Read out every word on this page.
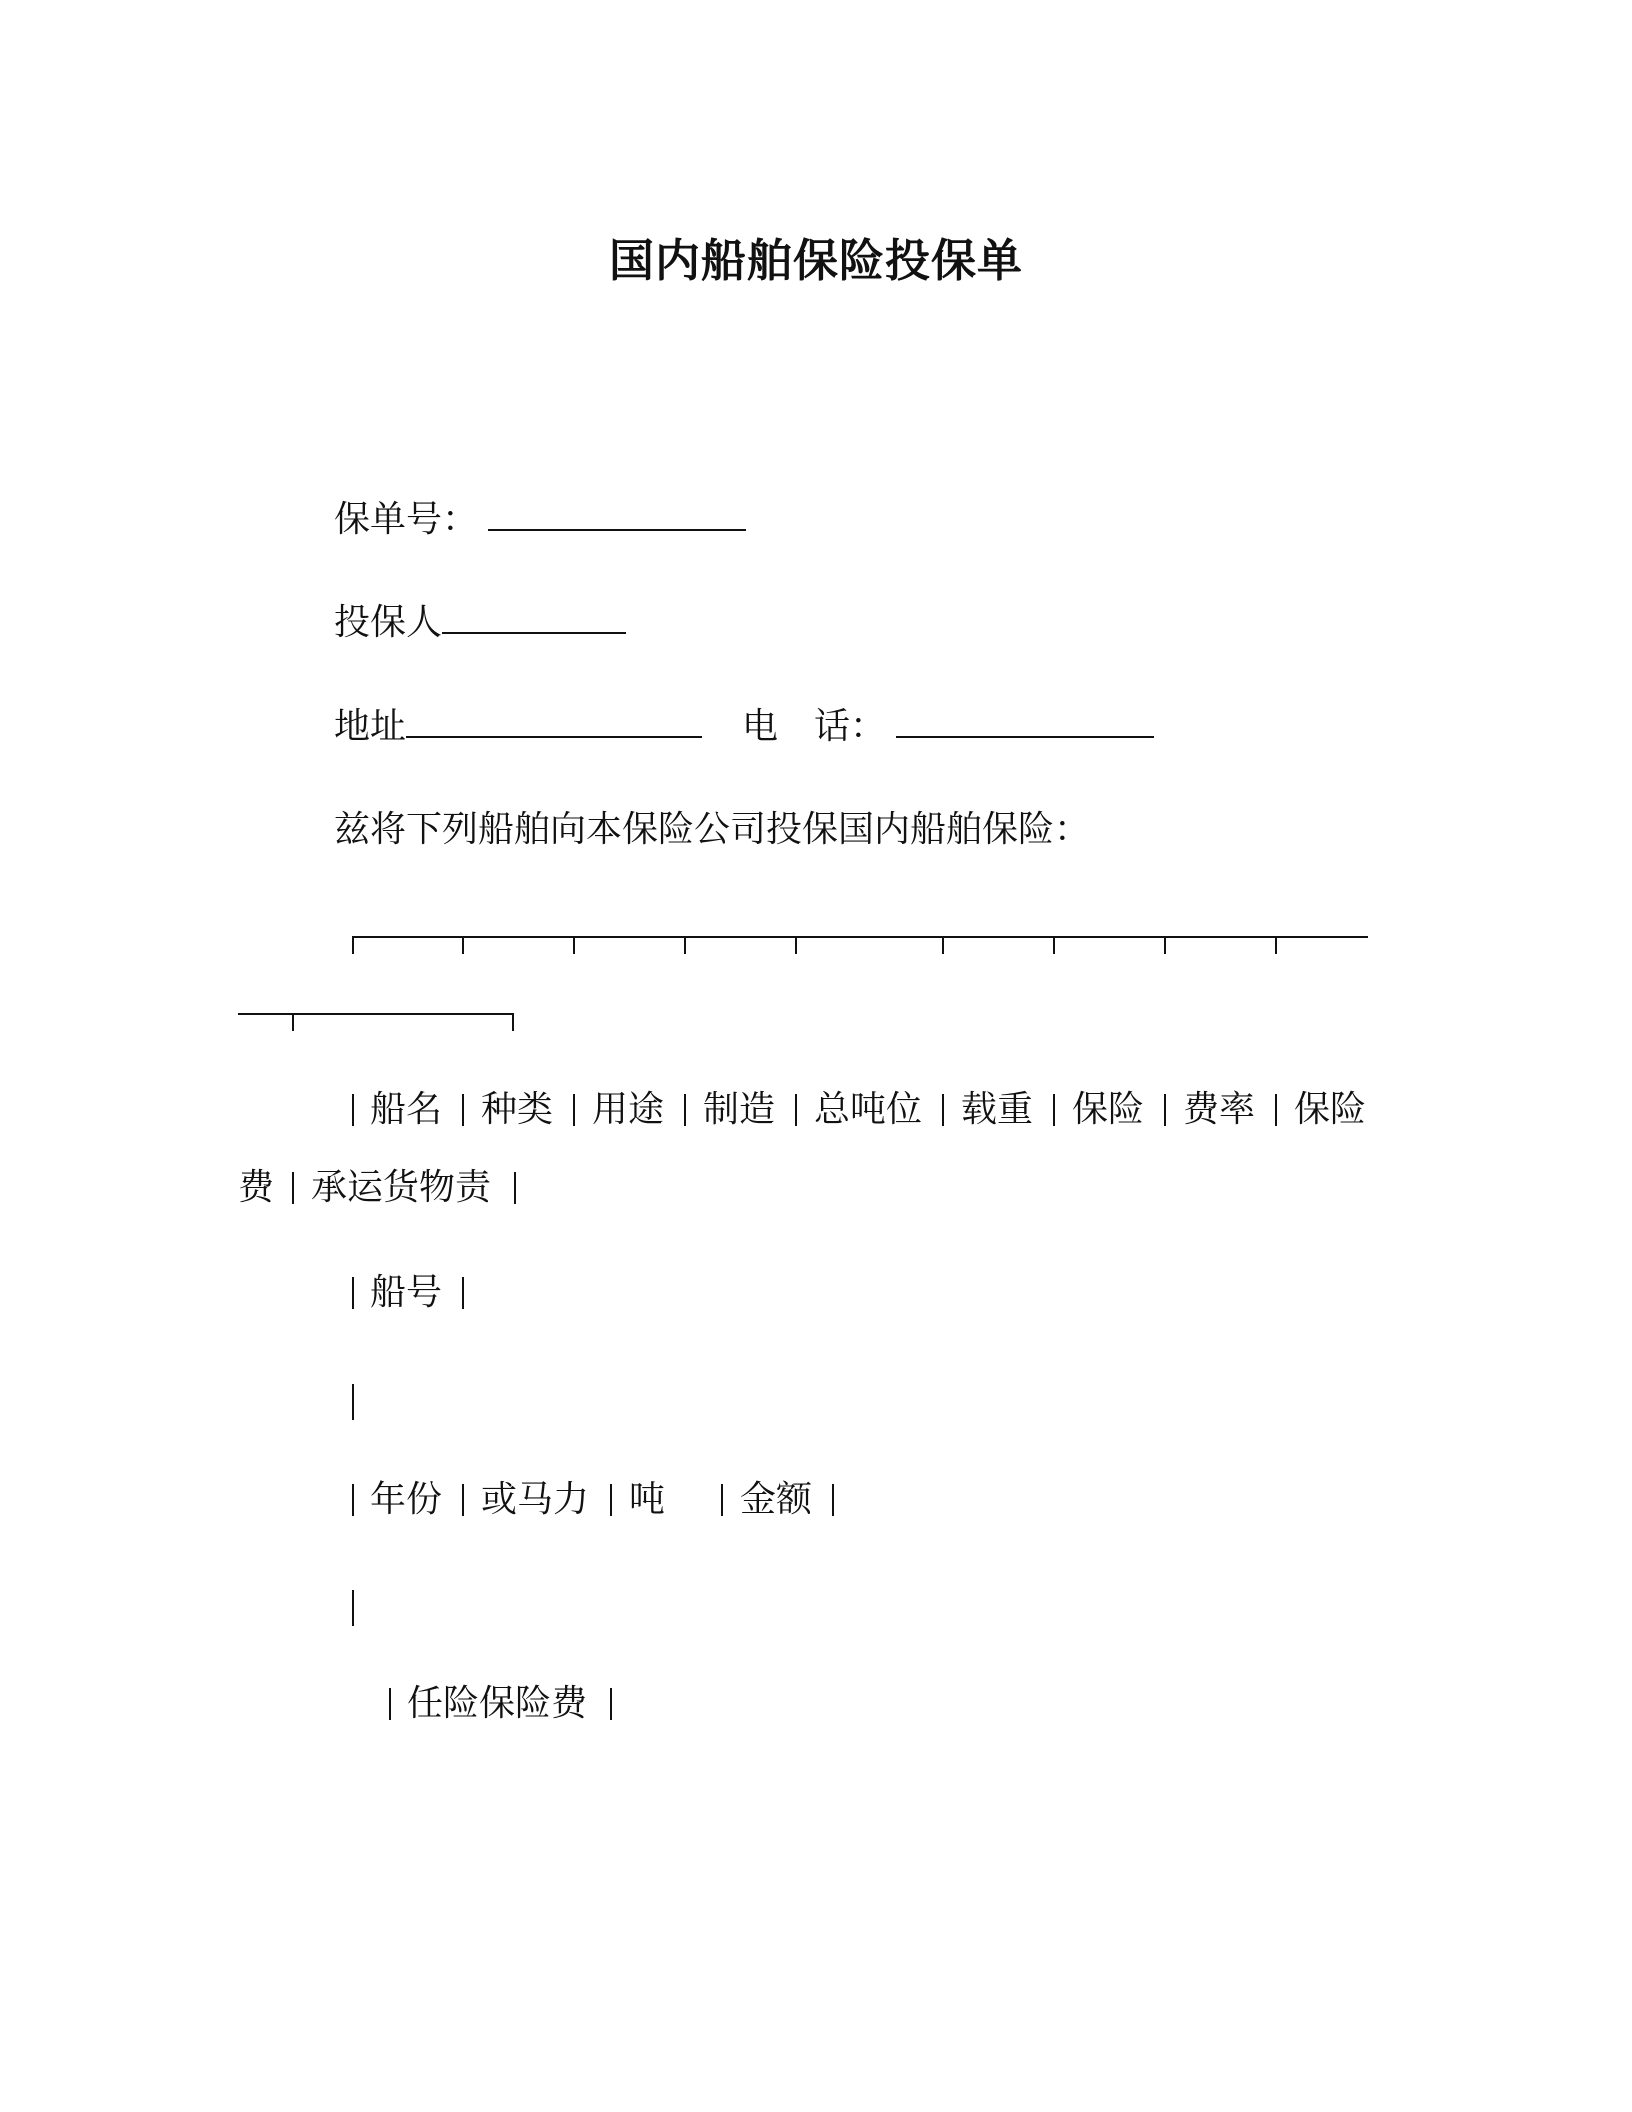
国内船舶保险投保单
保单号：
投保人
地址	电　话：
兹将下列船舶向本保险公司投保国内船舶保险：
船名 种类 用途 制造 总吨位 载重 保险 费率 保险
费 承运货物责
船号
年份 或马力 吨 金额
任险保险费
